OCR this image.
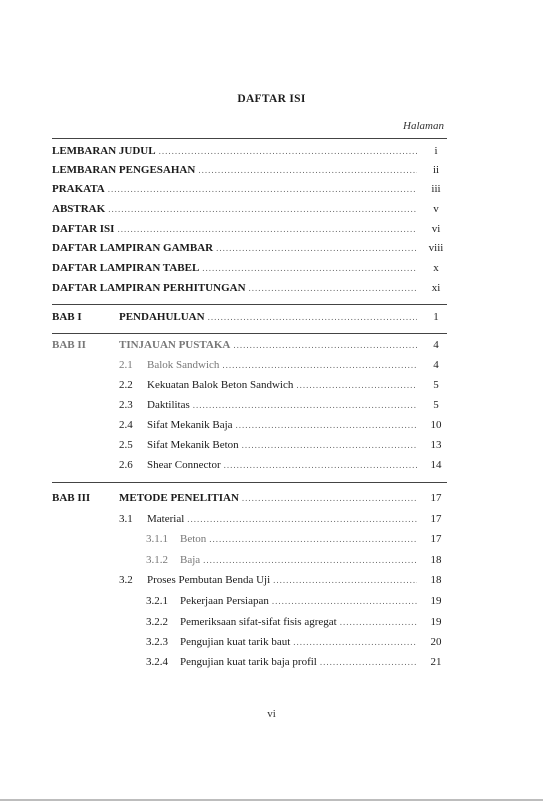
DAFTAR ISI
Halaman
LEMBARAN JUDUL .....	i
LEMBARAN PENGESAHAN .....	ii
PRAKATA .....	iii
ABSTRAK .....	v
DAFTAR ISI .....	vi
DAFTAR LAMPIRAN GAMBAR .....	viii
DAFTAR LAMPIRAN TABEL .....	x
DAFTAR LAMPIRAN PERHITUNGAN .....	xi
BAB I	PENDAHULUAN .....	1
BAB II	TINJAUAN PUSTAKA .....	4
2.1	Balok Sandwich .....	4
2.2	Kekuatan Balok Beton Sandwich .....	5
2.3	Daktilitas .....	5
2.4	Sifat Mekanik Baja .....	10
2.5	Sifat Mekanik Beton .....	13
2.6	Shear Connector .....	14
BAB III	METODE PENELITIAN .....	17
3.1	Material .....	17
3.1.1	Beton .....	17
3.1.2	Baja .....	18
3.2	Proses Pembutan Benda Uji .....	18
3.2.1	Pekerjaan Persiapan .....	19
3.2.2	Pemeriksaan sifat-sifat fisis agregat .....	19
3.2.3	Pengujian kuat tarik baut .....	20
3.2.4	Pengujian kuat tarik baja profil .....	21
vi
